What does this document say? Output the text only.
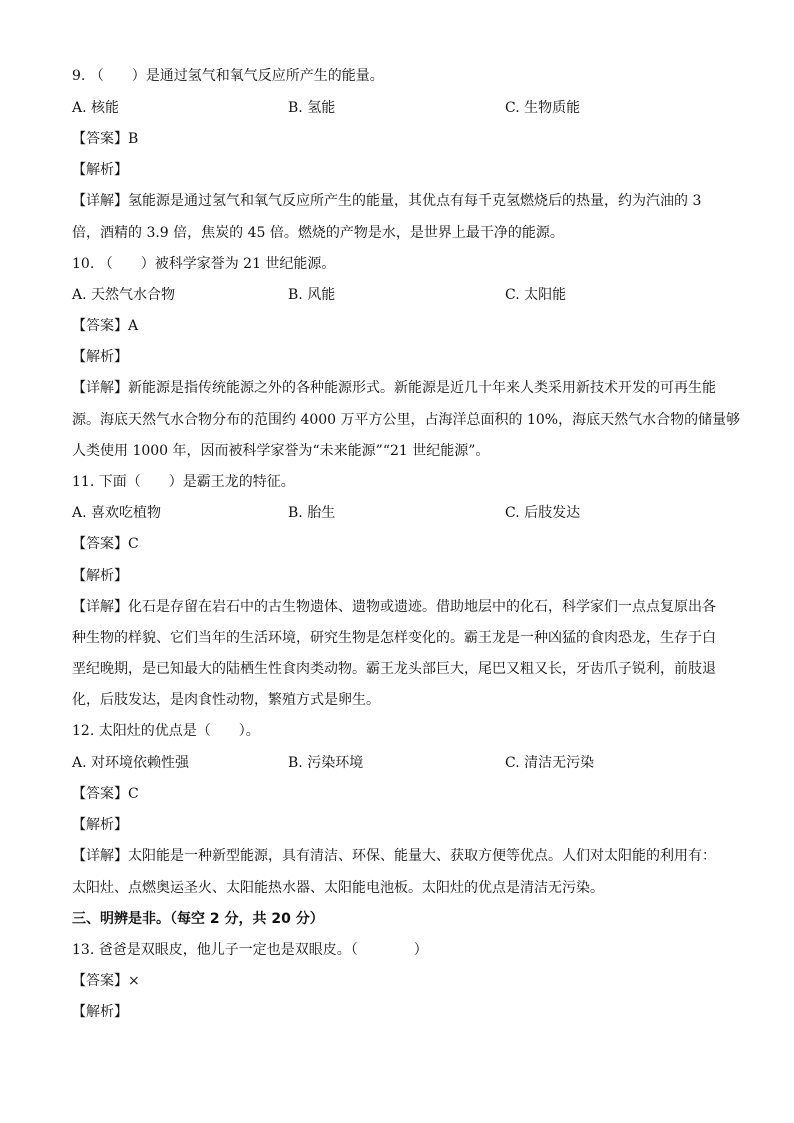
9. （　　）是通过氢气和氧气反应所产生的能量。
A. 核能	B. 氢能	C. 生物质能
【答案】B
【解析】
【详解】氢能源是通过氢气和氧气反应所产生的能量，其优点有每千克氢燃烧后的热量，约为汽油的 3
倍，酒精的 3.9 倍，焦炭的 45 倍。燃烧的产物是水，是世界上最干净的能源。
10. （　　）被科学家誉为 21 世纪能源。
A. 天然气水合物	B. 风能	C. 太阳能
【答案】A
【解析】
【详解】新能源是指传统能源之外的各种能源形式。新能源是近几十年来人类采用新技术开发的可再生能
源。海底天然气水合物分布的范围约 4000 万平方公里，占海洋总面积的 10%，海底天然气水合物的储量够
人类使用 1000 年，因而被科学家誉为“未来能源”“21 世纪能源”。
11. 下面（　　）是霸王龙的特征。
A. 喜欢吃植物	B. 胎生	C. 后肢发达
【答案】C
【解析】
【详解】化石是存留在岩石中的古生物遗体、遗物或遗迹。借助地层中的化石，科学家们一点点复原出各
种生物的样貌、它们当年的生活环境，研究生物是怎样变化的。霸王龙是一种凶猛的食肉恐龙，生存于白
垩纪晚期，是已知最大的陆栖生性食肉类动物。霸王龙头部巨大，尾巴又粗又长，牙齿爪子锐利，前肢退
化，后肢发达，是肉食性动物，繁殖方式是卵生。
12. 太阳灶的优点是（　　）。
A. 对环境依赖性强	B. 污染环境	C. 清洁无污染
【答案】C
【解析】
【详解】太阳能是一种新型能源，具有清洁、环保、能量大、获取方便等优点。人们对太阳能的利用有：
太阳灶、点燃奥运圣火、太阳能热水器、太阳能电池板。太阳灶的优点是清洁无污染。
三、明辨是非。（每空 2 分，共 20 分）
13. 爸爸是双眼皮，他儿子一定也是双眼皮。（　　　　）
【答案】×
【解析】
